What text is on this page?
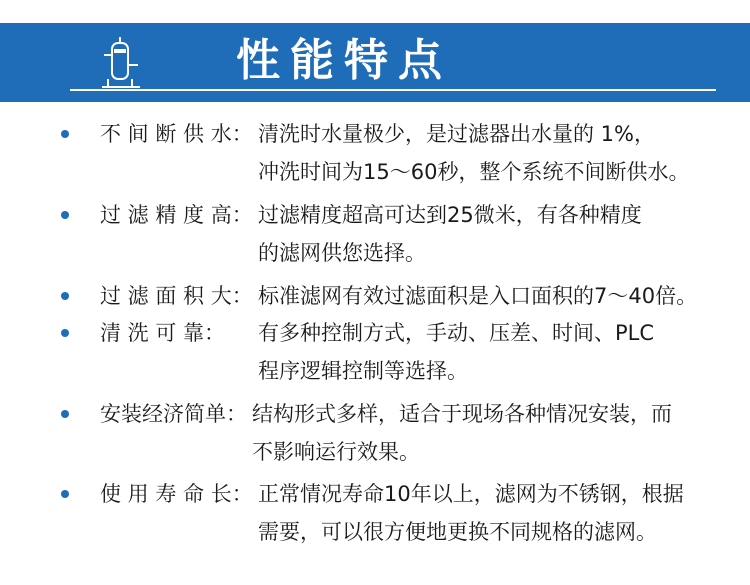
性能特点
不 间 断 供 水： 清洗时水量极少，是过滤器出水量的 1%，
冲洗时间为15～60秒，整个系统不间断供水。
过 滤 精 度 高： 过滤精度超高可达到25微米，有各种精度
的滤网供您选择。
过 滤 面 积 大： 标准滤网有效过滤面积是入口面积的7～40倍。
清 洗 可 靠： 有多种控制方式，手动、压差、时间、PLC
程序逻辑控制等选择。
安装经济简单： 结构形式多样，适合于现场各种情况安装，而
不影响运行效果。
使 用 寿 命 长： 正常情况寿命10年以上，滤网为不锈钢，根据
需要，可以很方便地更换不同规格的滤网。
